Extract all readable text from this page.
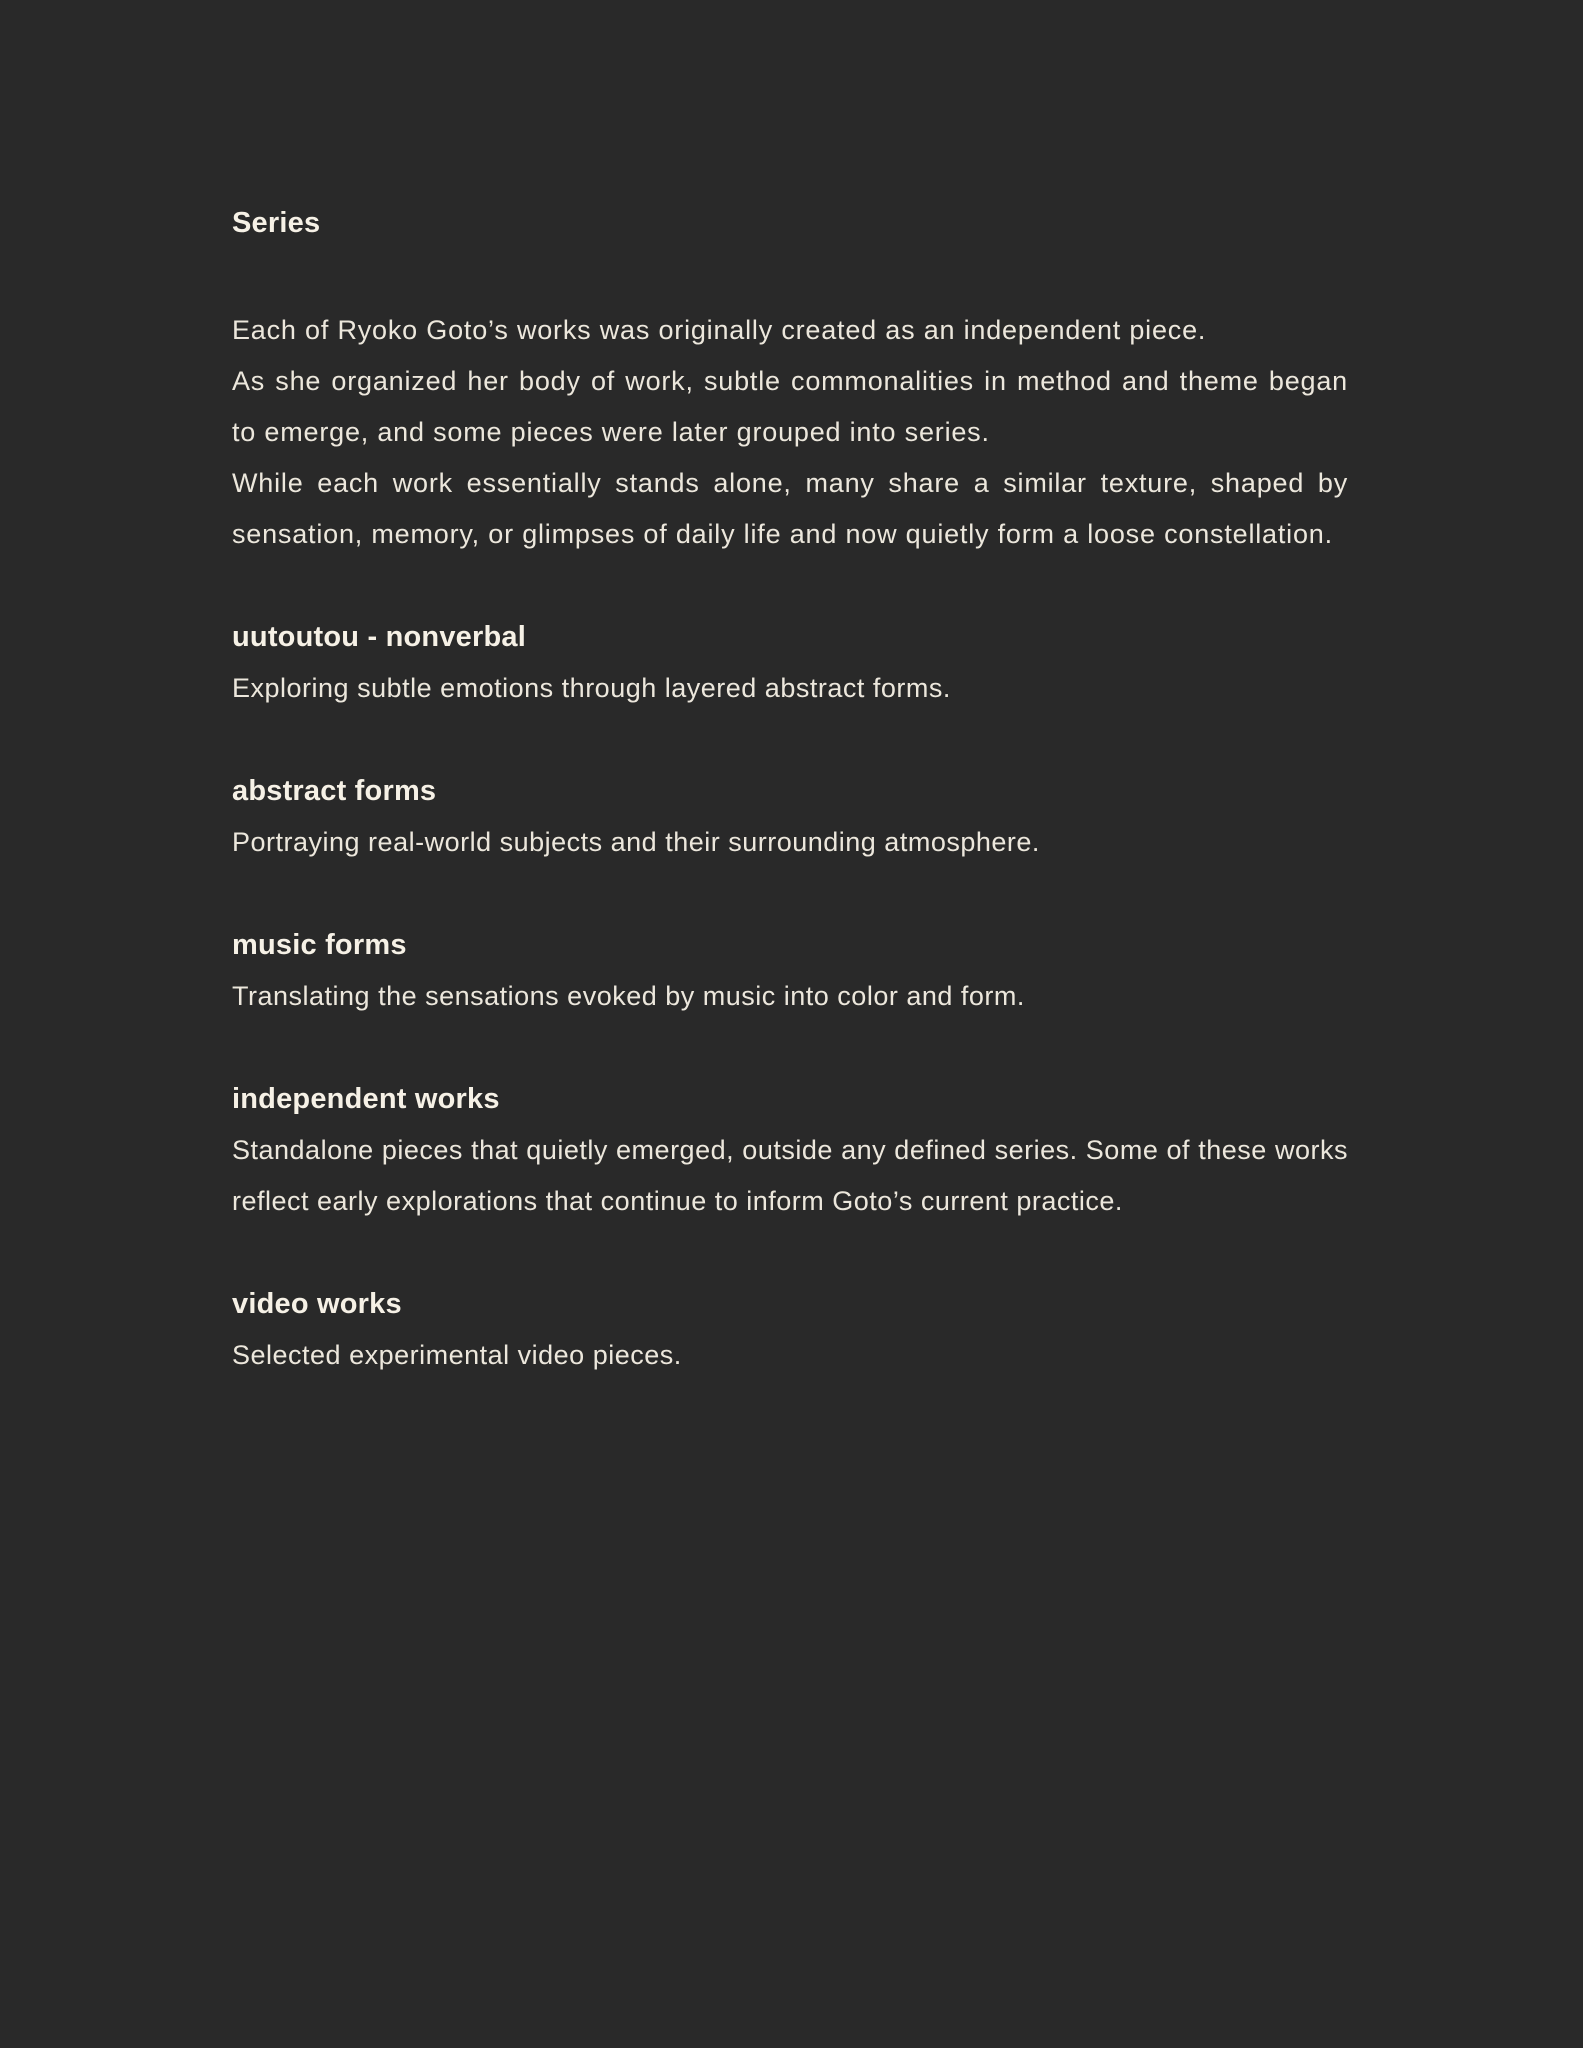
Series

Each of Ryoko Goto’s works was originally created as an independent piece.

As she organized her body of work, subtle commonalities in method and theme began to emerge, and some pieces were later grouped into series.

While each work essentially stands alone, many share a similar texture, shaped by sensation, memory, or glimpses of daily life and now quietly form a loose constellation.

uutoutou - nonverbal

Exploring subtle emotions through layered abstract forms.

abstract forms

Portraying real-world subjects and their surrounding atmosphere.

music forms

Translating the sensations evoked by music into color and form.

independent works

Standalone pieces that quietly emerged, outside any defined series. Some of these works reflect early explorations that continue to inform Goto’s current practice.

video works

Selected experimental video pieces.
